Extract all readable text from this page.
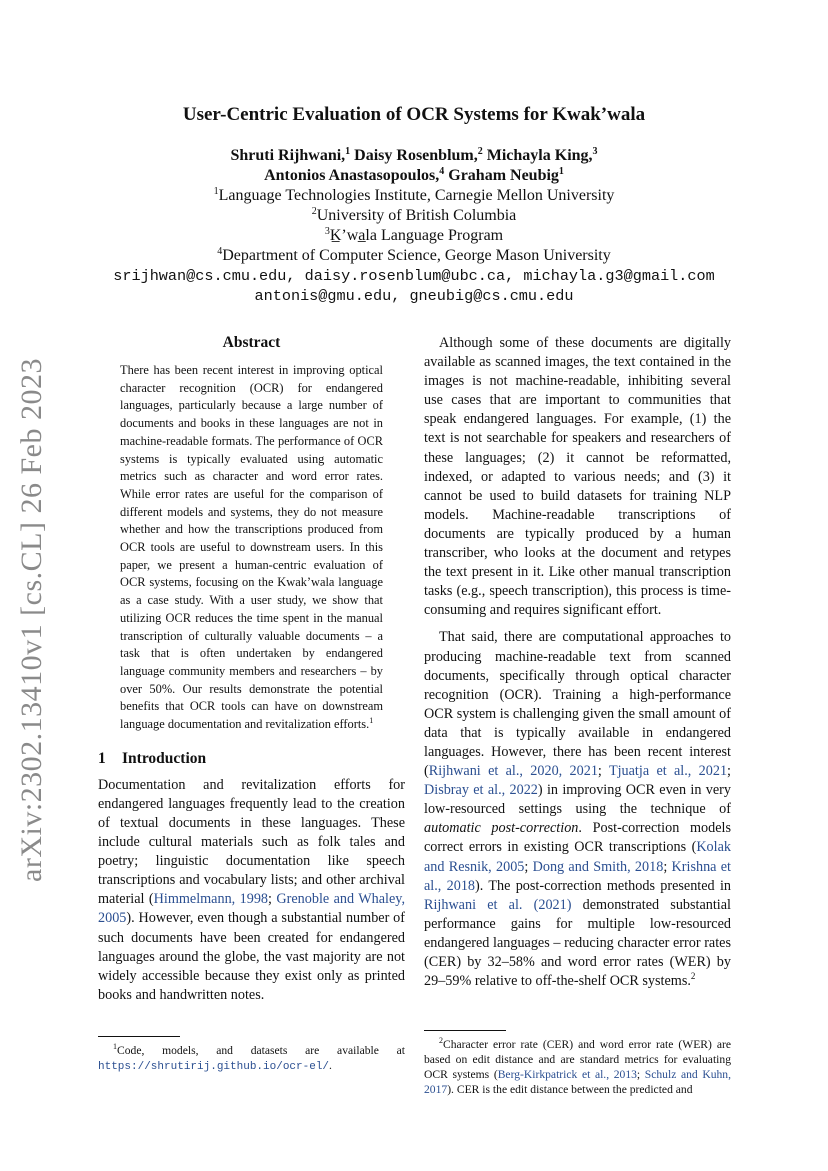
arXiv:2302.13410v1 [cs.CL] 26 Feb 2023
User-Centric Evaluation of OCR Systems for Kwak’wala
Shruti Rijhwani,$^1$ Daisy Rosenblum,$^2$ Michayla King,$^3$
Antonios Anastasopoulos,$^4$ Graham Neubig$^1$
$^1$Language Technologies Institute, Carnegie Mellon University
$^2$University of British Columbia
$^3$K̲’wa̲la Language Program
$^4$Department of Computer Science, George Mason University
srijhwan@cs.cmu.edu, daisy.rosenblum@ubc.ca, michayla.g3@gmail.com
antonis@gmu.edu, gneubig@cs.cmu.edu
Abstract
There has been recent interest in improving optical character recognition (OCR) for endangered languages, particularly because a large number of documents and books in these languages are not in machine-readable formats. The performance of OCR systems is typically evaluated using automatic metrics such as character and word error rates. While error rates are useful for the comparison of different models and systems, they do not measure whether and how the transcriptions produced from OCR tools are useful to downstream users. In this paper, we present a human-centric evaluation of OCR systems, focusing on the Kwak’wala language as a case study. With a user study, we show that utilizing OCR reduces the time spent in the manual transcription of culturally valuable documents – a task that is often undertaken by endangered language community members and researchers – by over 50%. Our results demonstrate the potential benefits that OCR tools can have on downstream language documentation and revitalization efforts.$^1$
1 Introduction

Documentation and revitalization efforts for endangered languages frequently lead to the creation of textual documents in these languages. These include cultural materials such as folk tales and poetry; linguistic documentation like speech transcriptions and vocabulary lists; and other archival material (Himmelmann, 1998; Grenoble and Whaley, 2005). However, even though a substantial number of such documents have been created for endangered languages around the globe, the vast majority are not widely accessible because they exist only as printed books and handwritten notes.

$^1$Code, models, and datasets are available at https://shrutirij.github.io/ocr-el/.

Although some of these documents are digitally available as scanned images, the text contained in the images is not machine-readable, inhibiting several use cases that are important to communities that speak endangered languages. For example, (1) the text is not searchable for speakers and researchers of these languages; (2) it cannot be reformatted, indexed, or adapted to various needs; and (3) it cannot be used to build datasets for training NLP models. Machine-readable transcriptions of documents are typically produced by a human transcriber, who looks at the document and retypes the text present in it. Like other manual transcription tasks (e.g., speech transcription), this process is time-consuming and requires significant effort.

That said, there are computational approaches to producing machine-readable text from scanned documents, specifically through optical character recognition (OCR). Training a high-performance OCR system is challenging given the small amount of data that is typically available in endangered languages. However, there has been recent interest (Rijhwani et al., 2020, 2021; Tjuatja et al., 2021; Disbray et al., 2022) in improving OCR even in very low-resourced settings using the technique of automatic post-correction. Post-correction models correct errors in existing OCR transcriptions (Kolak and Resnik, 2005; Dong and Smith, 2018; Krishna et al., 2018). The post-correction methods presented in Rijhwani et al. (2021) demonstrated substantial performance gains for multiple low-resourced endangered languages – reducing character error rates (CER) by 32–58% and word error rates (WER) by 29–59% relative to off-the-shelf OCR systems.$^2$

$^2$Character error rate (CER) and word error rate (WER) are based on edit distance and are standard metrics for evaluating OCR systems (Berg-Kirkpatrick et al., 2013; Schulz and Kuhn, 2017). CER is the edit distance between the predicted and
